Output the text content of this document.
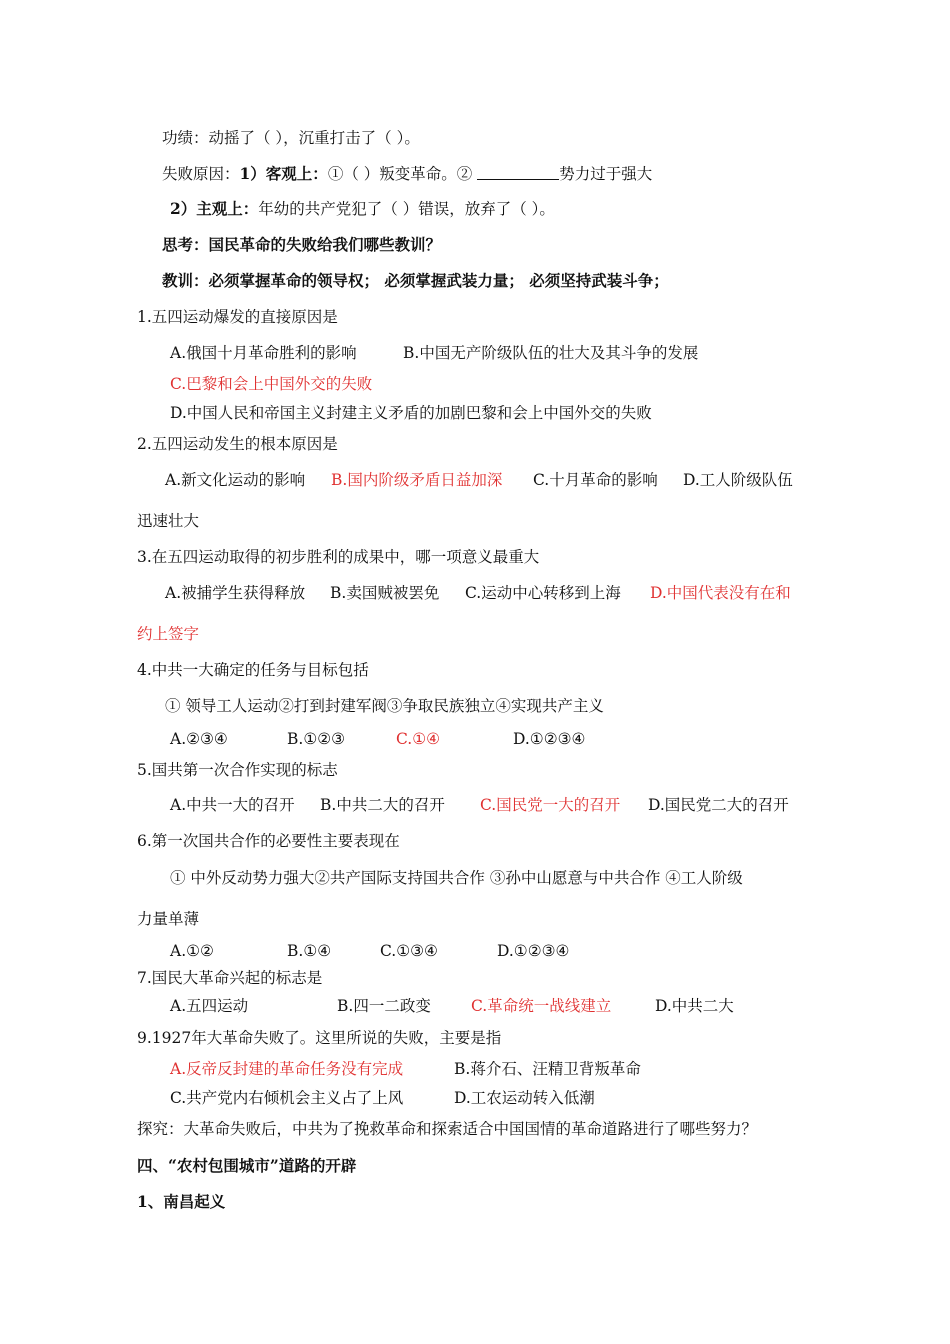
功绩：动摇了（ ），沉重打击了（ ）。
失败原因：1）客观上：①（ ）叛变革命。②	势力过于强大
2）主观上：年幼的共产党犯了（ ）错误，放弃了（ ）。
思考：国民革命的失败给我们哪些教训？
教训：必须掌握革命的领导权； 必须掌握武装力量； 必须坚持武装斗争；
1.五四运动爆发的直接原因是
A.俄国十月革命胜利的影响	B.中国无产阶级队伍的壮大及其斗争的发展
C.巴黎和会上中国外交的失败
D.中国人民和帝国主义封建主义矛盾的加剧巴黎和会上中国外交的失败
2.五四运动发生的根本原因是
A.新文化运动的影响 B.国内阶级矛盾日益加深 C.十月革命的影响 D.工人阶级队伍
迅速壮大
3.在五四运动取得的初步胜利的成果中，哪一项意义最重大
A.被捕学生获得释放 B.卖国贼被罢免 C.运动中心转移到上海 D.中国代表没有在和
约上签字
4.中共一大确定的任务与目标包括
① 领导工人运动②打到封建军阀③争取民族独立④实现共产主义
A.②③④	B.①②③	C.①④	D.①②③④
5.国共第一次合作实现的标志
A.中共一大的召开 B.中共二大的召开 C.国民党一大的召开 D.国民党二大的召开
6.第一次国共合作的必要性主要表现在
① 中外反动势力强大②共产国际支持国共合作 ③孙中山愿意与中共合作 ④工人阶级
力量单薄
A.①②	B.①④	C.①③④	D.①②③④
7.国民大革命兴起的标志是
A.五四运动	B.四一二政变	C.革命统一战线建立	D.中共二大
9.1927年大革命失败了。这里所说的失败，主要是指
A.反帝反封建的革命任务没有完成	B.蒋介石、汪精卫背叛革命
C.共产党内右倾机会主义占了上风	D.工农运动转入低潮
探究：大革命失败后，中共为了挽救革命和探索适合中国国情的革命道路进行了哪些努力？
四、“农村包围城市”道路的开辟
1、南昌起义
